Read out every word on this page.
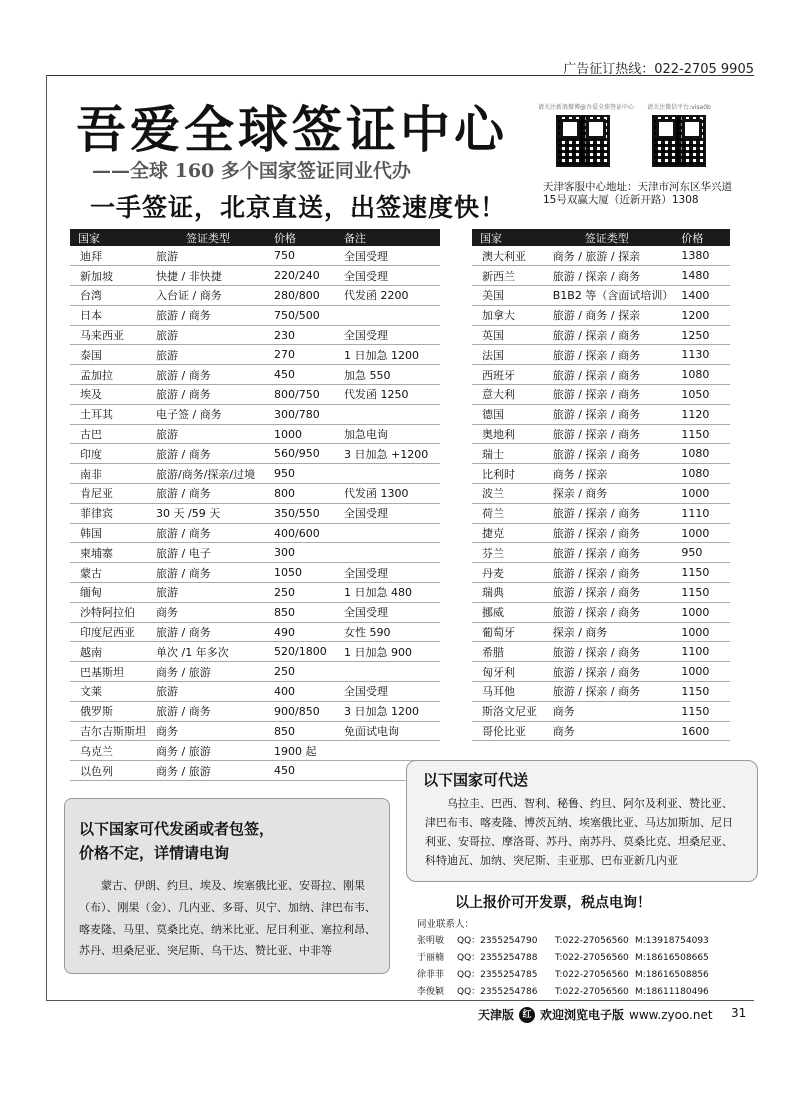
广告征订热线：022-2705 9905
吾爱全球签证中心
——全球 160 多个国家签证同业代办
一手签证，北京直送，出签速度快！
请关注新浪微博@吾爱全球签证中心	请关注微信平台:visa0b
天津客服中心地址：天津市河东区华兴道
15号双赢大厦（近新开路）1308
国家	签证类型	价格	备注
迪拜	旅游	750	全国受理
新加坡	快捷 / 非快捷	220/240	全国受理
台湾	入台证 / 商务	280/800	代发函 2200
日本	旅游 / 商务	750/500	
马来西亚	旅游	230	全国受理
泰国	旅游	270	1 日加急 1200
孟加拉	旅游 / 商务	450	加急 550
埃及	旅游 / 商务	800/750	代发函 1250
土耳其	电子签 / 商务	300/780	
古巴	旅游	1000	加急电询
印度	旅游 / 商务	560/950	3 日加急 +1200
南非	旅游/商务/探亲/过境	950	
肯尼亚	旅游 / 商务	800	代发函 1300
菲律宾	30 天 /59 天	350/550	全国受理
韩国	旅游 / 商务	400/600	
柬埔寨	旅游 / 电子	300	
蒙古	旅游 / 商务	1050	全国受理
缅甸	旅游	250	1 日加急 480
沙特阿拉伯	商务	850	全国受理
印度尼西亚	旅游 / 商务	490	女性 590
越南	单次 /1 年多次	520/1800	1 日加急 900
巴基斯坦	商务 / 旅游	250	
文莱	旅游	400	全国受理
俄罗斯	旅游 / 商务	900/850	3 日加急 1200
吉尔吉斯斯坦	商务	850	免面试电询
乌克兰	商务 / 旅游	1900 起	
以色列	商务 / 旅游	450	
国家	签证类型	价格
澳大利亚	商务 / 旅游 / 探亲	1380
新西兰	旅游 / 探亲 / 商务	1480
美国	B1B2 等（含面试培训）	1400
加拿大	旅游 / 商务 / 探亲	1200
英国	旅游 / 探亲 / 商务	1250
法国	旅游 / 探亲 / 商务	1130
西班牙	旅游 / 探亲 / 商务	1080
意大利	旅游 / 探亲 / 商务	1050
德国	旅游 / 探亲 / 商务	1120
奥地利	旅游 / 探亲 / 商务	1150
瑞士	旅游 / 探亲 / 商务	1080
比利时	商务 / 探亲	1080
波兰	探亲 / 商务	1000
荷兰	旅游 / 探亲 / 商务	1110
捷克	旅游 / 探亲 / 商务	1000
芬兰	旅游 / 探亲 / 商务	950
丹麦	旅游 / 探亲 / 商务	1150
瑞典	旅游 / 探亲 / 商务	1150
挪威	旅游 / 探亲 / 商务	1000
葡萄牙	探亲 / 商务	1000
希腊	旅游 / 探亲 / 商务	1100
匈牙利	旅游 / 探亲 / 商务	1000
马耳他	旅游 / 探亲 / 商务	1150
斯洛文尼亚	商务	1150
哥伦比亚	商务	1600
以下国家可代送

乌拉圭、巴西、智利、秘鲁、约旦、阿尔及利亚、赞比亚、津巴布韦、喀麦隆、博茨瓦纳、埃塞俄比亚、马达加斯加、尼日利亚、安哥拉、摩洛哥、苏丹、南苏丹、莫桑比克、坦桑尼亚、科特迪瓦、加纳、突尼斯、圭亚那、巴布亚新几内亚

以下国家可代发函或者包签，
价格不定，详情请电询

蒙古、伊朗、约旦、埃及、埃塞俄比亚、安哥拉、刚果（布）、刚果（金）、几内亚、多哥、贝宁、加纳、津巴布韦、喀麦隆、马里、莫桑比克、纳米比亚、尼日利亚、塞拉利昂、苏丹、坦桑尼亚、突尼斯、乌干达、赞比亚、中非等

以上报价可开发票，税点电询！
同业联系人：
张明敏 QQ：2355254790 T:022-27056560 M:13918754093
于丽楠 QQ：2355254788 T:022-27056560 M:18616508665
徐菲菲 QQ：2355254785 T:022-27056560 M:18616508856
李俊颖 QQ：2355254786 T:022-27056560 M:18611180496
天津版 红 欢迎浏览电子版 www.zyoo.net 31
